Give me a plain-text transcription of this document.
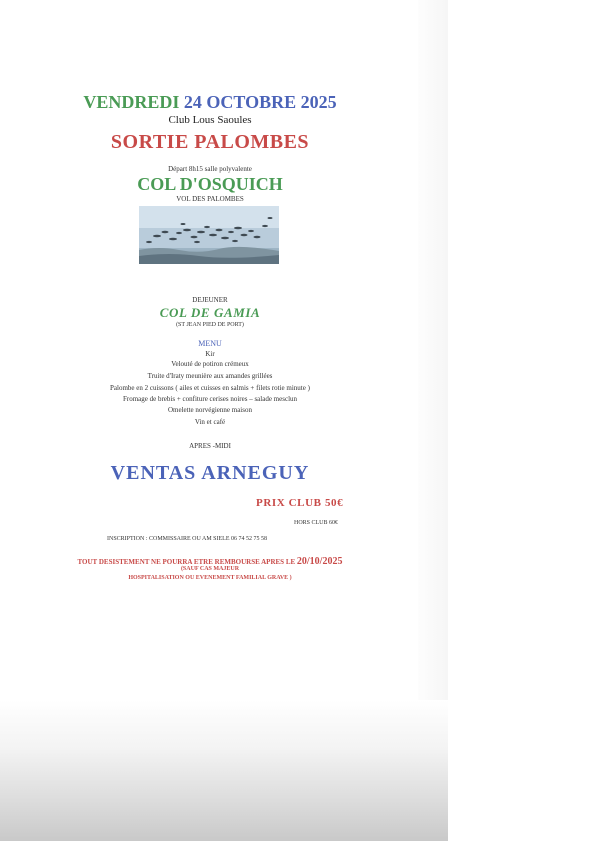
VENDREDI 24 OCTOBRE 2025
Club Lous Saoules
SORTIE PALOMBES
Départ 8h15 salle polyvalente
COL D'OSQUICH
VOL DES PALOMBES
DEJEUNER
COL DE GAMIA
(ST JEAN PIED DE PORT)
MENU
Kir
Velouté de potiron crémeux
Truite d'Iraty meunière aux amandes grillées
Palombe en 2 cuissons ( ailes et cuisses en salmis + filets rotie minute )
Fromage de brebis + confiture cerises noires – salade mesclun
Omelette norvégienne maison
Vin et café
APRES -MIDI
VENTAS ARNEGUY
PRIX CLUB 50€
HORS CLUB 60€
INSCRIPTION : COMMISSAIRE OU AM SIELE 06 74 52 75 58
TOUT DESISTEMENT NE POURRA ETRE REMBOURSE APRES LE 20/10/2025
(SAUF CAS MAJEUR
HOSPITALISATION OU EVENEMENT FAMILIAL GRAVE )
